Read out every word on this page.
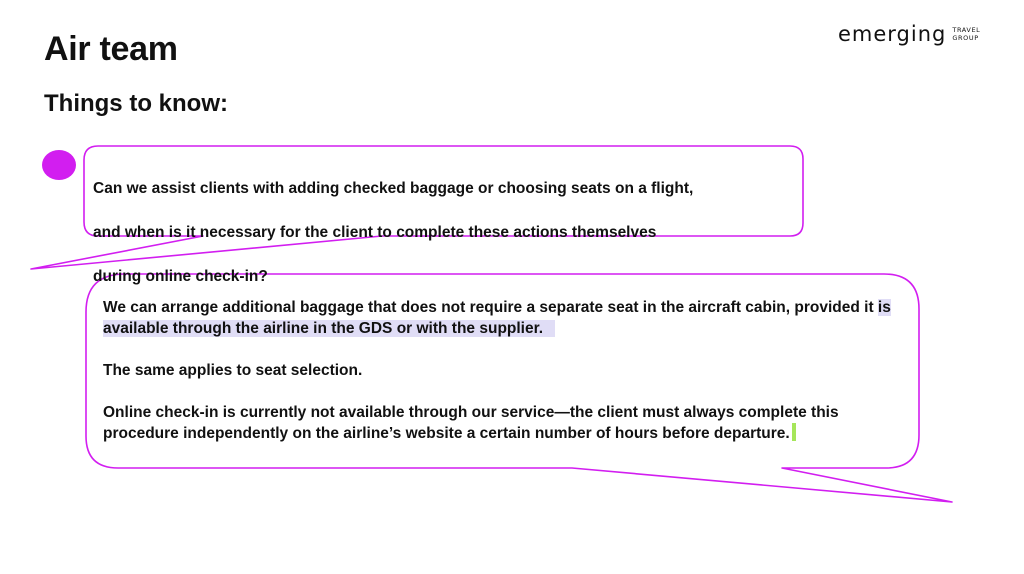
Air team
Things to know:
emerging TRAVEL
GROUP

Can we assist clients with adding checked baggage or choosing seats on a flight,

and when is it necessary for the client to complete these actions themselves

during online check-in?

We can arrange additional baggage that does not require a separate seat in the aircraft cabin, provided it is available through the airline in the GDS or with the supplier.

The same applies to seat selection.

Online check-in is currently not available through our service—the client must always complete this procedure independently on the airline’s website a certain number of hours before departure.
